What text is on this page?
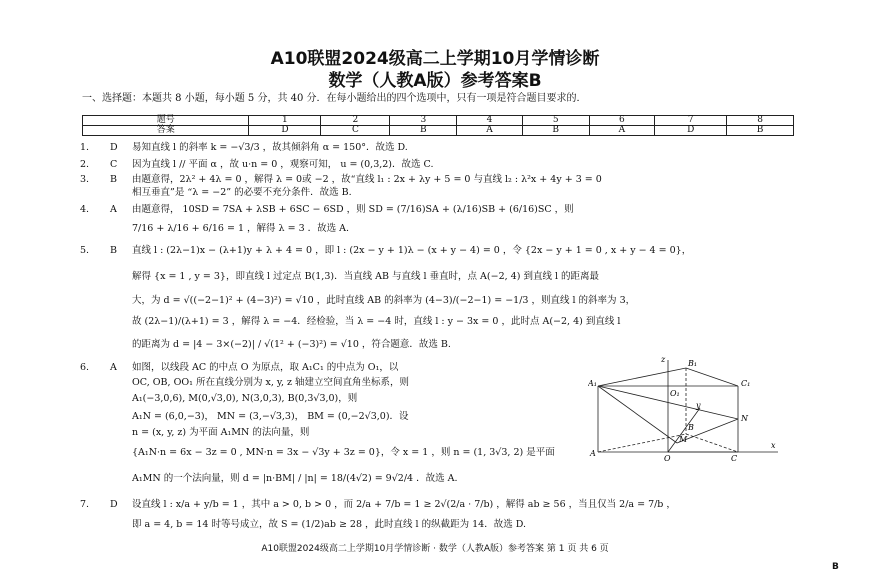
A10联盟2024级高二上学期10月学情诊断
数学（人教A版）参考答案B
一、选择题：本题共 8 小题，每小题 5 分，共 40 分．在每小题给出的四个选项中，只有一项是符合题目要求的．
题号	1	2	3	4	5	6	7	8
答案	D	C	B	A	B	A	D	B
1.	D	易知直线 l 的斜率 k = −√3/3 ，故其倾斜角 α = 150°．故选 D.
2.	C	因为直线 l // 平面 α ，故 u·n = 0 ，观察可知， u = (0,3,2)．故选 C.
3.	B	由题意得，2λ² + 4λ = 0 ，解得 λ = 0或 −2 ，故“直线 l₁ : 2x + λy + 5 = 0 与直线 l₂ : λ²x + 4y + 3 = 0
相互垂直”是 “λ = −2” 的必要不充分条件．故选 B.
4.	A	由题意得， 10SD = 7SA + λSB + 6SC − 6SD ，则 SD = (7/16)SA + (λ/16)SB + (6/16)SC ，则
7/16 + λ/16 + 6/16 = 1 ，解得 λ = 3 ．故选 A.
5.	B	直线 l : (2λ−1)x − (λ+1)y + λ + 4 = 0 ，即 l : (2x − y + 1)λ − (x + y − 4) = 0 ，令 {2x − y + 1 = 0 , x + y − 4 = 0}，
解得 {x = 1 , y = 3}，即直线 l 过定点 B(1,3)．当直线 AB 与直线 l 垂直时，点 A(−2, 4) 到直线 l 的距离最
大，为 d = √((−2−1)² + (4−3)²) = √10 ，此时直线 AB 的斜率为 (4−3)/(−2−1) = −1/3 ，则直线 l 的斜率为 3，
故 (2λ−1)/(λ+1) = 3 ，解得 λ = −4．经检验，当 λ = −4 时，直线 l : y − 3x = 0 ，此时点 A(−2, 4) 到直线 l
的距离为 d = |4 − 3×(−2)| / √(1² + (−3)²) = √10 ，符合题意．故选 B.
6.	A	如图，以线段 AC 的中点 O 为原点，取 A₁C₁ 的中点为 O₁，以
OC, OB, OO₁ 所在直线分别为 x, y, z 轴建立空间直角坐标系，则
A₁(−3,0,6), M(0,√3,0), N(3,0,3), B(0,3√3,0)，则
A₁N = (6,0,−3)， MN = (3,−√3,3)， BM = (0,−2√3,0)．设
n = (x, y, z) 为平面 A₁MN 的法向量，则
{A₁N·n = 6x − 3z = 0 , MN·n = 3x − √3y + 3z = 0}，令 x = 1 ，则 n = (1, 3√3, 2) 是平面
A₁MN 的一个法向量，则 d = |n·BM| / |n| = 18/(4√2) = 9√2/4 ．故选 A.
7.	D	设直线 l : x/a + y/b = 1 ，其中 a > 0, b > 0 ，而 2/a + 7/b = 1 ≥ 2√(2/a · 7/b) ，解得 ab ≥ 56 ，当且仅当 2/a = 7/b ，
即 a = 4, b = 14 时等号成立，故 S = (1/2)ab ≥ 28 ，此时直线 l 的纵截距为 14．故选 D.
z	B₁
A₁	C₁
O₁
N
B
M
A
O	C
x
y
A10联盟2024级高二上学期10月学情诊断 · 数学（人教A版）参考答案 第 1 页 共 6 页
B
